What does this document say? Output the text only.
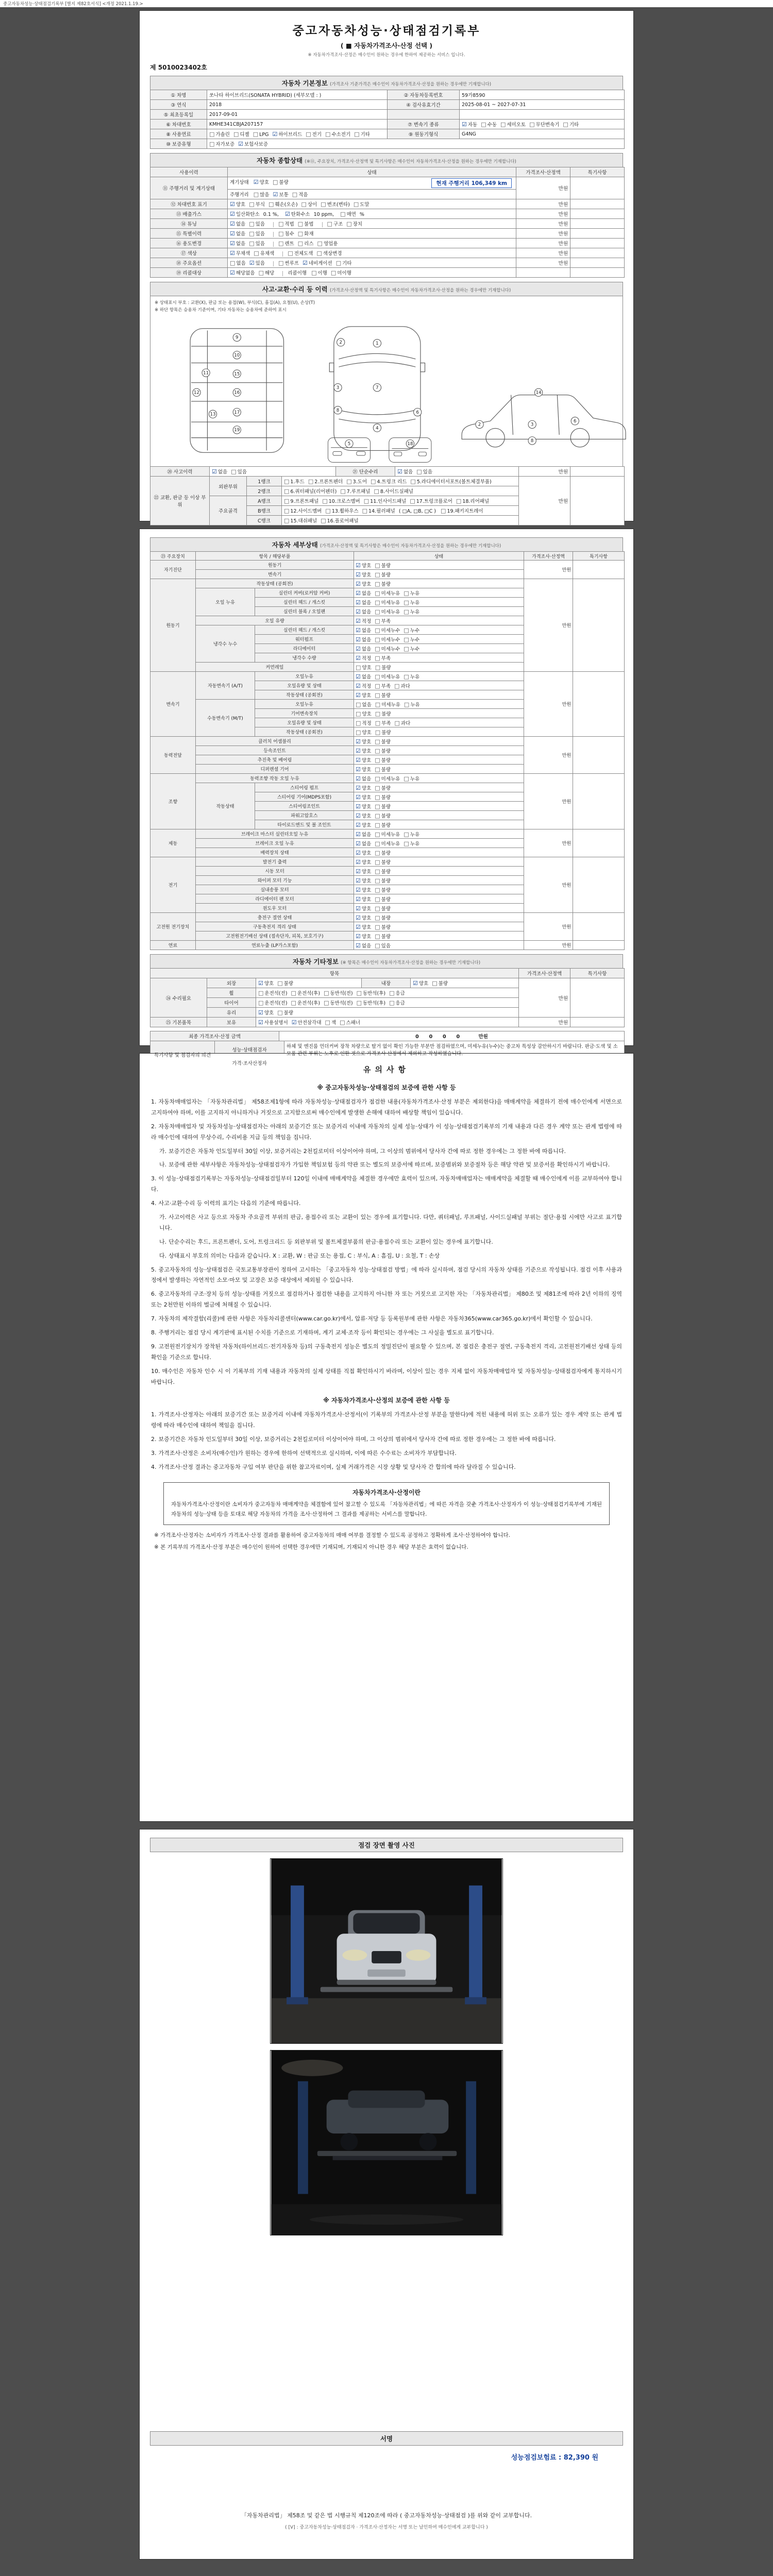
중고자동차성능·상태점검기록부 [별지 제82호서식] <개정 2021.1.19.>
중고자동차성능·상태점검기록부
( ■ 자동차가격조사·산정 선택 )
※ 자동차가격조사·산정은 매수인이 원하는 경우에 한하여 제공하는 서비스 입니다.
제 5010023402호
자동차 기본정보 (가격조사 기준가격은 매수인이 자동차가격조사·산정을 원하는 경우에만 기재합니다)
① 차명	쏘나타 하이브리드(SONATA HYBRID) (세부모델 : )	② 자동차등록번호	59가8590
③ 연식	2018	④ 검사유효기간	2025-08-01 ~ 2027-07-31
⑤ 최초등록일	2017-09-01		
⑥ 차대번호	KMHE341CBJA207157	⑦ 변속기 종류	☑ 자동 □ 수동 □ 세미오토 □ 무단변속기 □ 기타
⑧ 사용연료	□ 가솔린 □ 디젤 □ LPG ☑ 하이브리드 □ 전기 □ 수소전기 □ 기타	⑨ 원동기형식	G4NG
⑩ 보증유형	□ 자가보증 ☑ 보험사보증		
자동차 종합상태 (※⑪, 주요장치, 가격조사·산정액 및 특기사항은 매수인이 자동차가격조사·산정을 원하는 경우에만 기재합니다)
사용이력	상태	가격조사·산정액	특기사항
⑪ 주행거리 및 계기상태	계기상태   ☑ 양호 □ 불량 현재 주행거리 106,349 km	만원	
	주행거리   □ 많음 ☑ 보통 □ 적음		
⑫ 차대번호 표기	☑ 양호 □ 부식 □ 훼손(오손) □ 상이 □ 변조(변타) □ 도말	만원	
⑬ 배출가스	☑ 일산화탄소 0.1 %,    ☑ 탄화수소 10 ppm,    □ 매연 %	만원	
⑭ 튜닝	☑ 없음 □ 있음 □ 적법 □ 불법 □ 구조 □ 장치	만원	
⑮ 특별이력	☑ 없음 □ 있음 □ 침수 □ 화재	만원	
⑯ 용도변경	☑ 없음 □ 있음 □ 렌트 □ 리스 □ 영업용	만원	
⑰ 색상	☑ 무채색 □ 유채색 □ 전체도색 □ 색상변경	만원	
⑱ 주요옵션	□ 없음 ☑ 있음 □ 썬루프 ☑ 네비게이션 □ 기타	만원	
⑲ 리콜대상	☑ 해당없음 □ 해당 리콜이행   □ 이행 □ 미이행		
사고·교환·수리 등 이력 (가격조사·산정액 및 특기사항은 매수인이 자동차가격조사·산정을 원하는 경우에만 기재합니다)
※ 상태표시 부호 : 교환(X), 판금 또는 용접(W), 부식(C), 흠집(A), 요철(U), 손상(T)
※ 하단 항목은 승용차 기준이며, 기타 자동차는 승용차에 준하여 표시
9
10
11
12
13
15
16
17
19
1
7
4
2
3
6
8
5	18
2	3
6
14
8
⑳ 사고이력	☑ 없음 □ 있음	㉑ 단순수리	☑ 없음 □ 있음	만원	
㉒ 교환, 판금 등 이상 부위	외판부위	1랭크	□ 1.후드 □ 2.프론트펜더 □ 3.도어 □ 4.트렁크 리드 □ 5.라디에이터서포트(볼트체결부품)	만원	
		2랭크	□ 6.쿼터패널(리어펜더) □ 7.루프패널 □ 8.사이드실패널		
	주요골격	A랭크	□ 9.프론트패널 □ 10.크로스멤버 □ 11.인사이드패널 □ 17.트렁크플로어 □ 18.리어패널		
		B랭크	□ 12.사이드멤버 □ 13.휠하우스 □ 14.필러패널 ( □A, □B, □C )   □ 19.패키지트레이		
		C랭크	□ 15.대쉬패널 □ 16.플로어패널		
자동차 세부상태 (가격조사·산정액 및 특기사항은 매수인이 자동차가격조사·산정을 원하는 경우에만 기재합니다)
㉓ 주요장치	항목 / 해당부품		상태	가격조사·산정액	특기사항
자기진단	원동기		☑ 양호 □ 불량	만원	
	변속기		☑ 양호 □ 불량		
원동기	작동상태 (공회전)		☑ 양호 □ 불량	만원	
	오일 누유	실린더 커버(로커암 커버)	☑ 없음 □ 미세누유 □ 누유		
		실린더 헤드 / 개스킷	☑ 없음 □ 미세누유 □ 누유		
		실린더 블록 / 오일팬	☑ 없음 □ 미세누유 □ 누유		
	오일 유량		☑ 적정 □ 부족		
	냉각수 누수	실린더 헤드 / 개스킷	☑ 없음 □ 미세누수 □ 누수		
		워터펌프	☑ 없음 □ 미세누수 □ 누수		
		라디에이터	☑ 없음 □ 미세누수 □ 누수		
		냉각수 수량	☑ 적정 □ 부족		
	커먼레일		□ 양호 □ 불량		
변속기	자동변속기 (A/T)	오일누유	☑ 없음 □ 미세누유 □ 누유	만원	
		오일유량 및 상태	☑ 적정 □ 부족 □ 과다		
		작동상태 (공회전)	☑ 양호 □ 불량		
	수동변속기 (M/T)	오일누유	□ 없음 □ 미세누유 □ 누유		
		기어변속장치	□ 양호 □ 불량		
		오일유량 및 상태	□ 적정 □ 부족 □ 과다		
		작동상태 (공회전)	□ 양호 □ 불량		
동력전달	클러치 어셈블리		☑ 양호 □ 불량	만원	
	등속조인트		☑ 양호 □ 불량		
	추진축 및 베어링		☑ 양호 □ 불량		
	디퍼렌셜 기어		☑ 양호 □ 불량		
조향	동력조향 작동 오일 누유		☑ 없음 □ 미세누유 □ 누유	만원	
	작동상태	스티어링 펌프	☑ 양호 □ 불량		
		스티어링 기어(MDPS포함)	☑ 양호 □ 불량		
		스티어링조인트	☑ 양호 □ 불량		
		파워고압호스	☑ 양호 □ 불량		
		타이로드엔드 및 볼 조인트	☑ 양호 □ 불량		
제동	브레이크 마스터 실린더오일 누유		☑ 없음 □ 미세누유 □ 누유	만원	
	브레이크 오일 누유		☑ 없음 □ 미세누유 □ 누유		
	배력장치 상태		☑ 양호 □ 불량		
전기	발전기 출력		☑ 양호 □ 불량	만원	
	시동 모터		☑ 양호 □ 불량		
	와이퍼 모터 기능		☑ 양호 □ 불량		
	실내송풍 모터		☑ 양호 □ 불량		
	라디에이터 팬 모터		☑ 양호 □ 불량		
	윈도우 모터		☑ 양호 □ 불량		
고전원 전기장치	충전구 절연 상태		☑ 양호 □ 불량	만원	
	구동축전지 격리 상태		☑ 양호 □ 불량		
	고전원전기배선 상태 (접속단자, 피복, 보호기구)		☑ 양호 □ 불량		
연료	연료누출 (LP가스포함)		☑ 없음 □ 있음	만원	
자동차 기타정보 (※ 항목은 매수인이 자동차가격조사·산정을 원하는 경우에만 기재합니다)
항목					가격조사·산정액	특기사항
㉔ 수리필요	외장	☑ 양호 □ 불량	내장	☑ 양호 □ 불량	만원	
	휠	□ 운전석(전) □ 운전석(후) □ 동반석(전) □ 동반석(후) □ 응급				
	타이어	□ 운전석(전) □ 운전석(후) □ 동반석(전) □ 동반석(후) □ 응급				
	유리	☑ 양호 □ 불량				
㉕ 기본품목	보유	☑ 사용설명서 ☑ 안전삼각대 □ 잭 □ 스패너			만원	
최종 가격조사·산정 금액	0      0      0      0           만원
특기사항 및 점검자의 의견	성능·상태점검자	하체 및 엔진룸 언더커버 장착 차량으로 탈거 없이 확인 가능한 부분만 점검하였으며, 미세누유(누수)는 중고차 특성상 감안하시기 바랍니다. 판금·도색 및 소모품 관련 부위는 노후로 인한 것으로 가격조사·산정에서 제외하고 작성하였습니다.
	가격·조사산정자	
유의사항
※ 중고자동차성능·상태점검의 보증에 관한 사항 등
1. 자동차매매업자는 「자동차관리법」 제58조제1항에 따라 자동차성능·상태점검자가 점검한 내용(자동차가격조사·산정 부분은 제외한다)을 매매계약을 체결하기 전에 매수인에게 서면으로 고지하여야 하며, 이를 고지하지 아니하거나 거짓으로 고지함으로써 매수인에게 발생한 손해에 대하여 배상할 책임이 있습니다.
2. 자동차매매업자 및 자동차성능·상태점검자는 아래의 보증기간 또는 보증거리 이내에 자동차의 실제 성능·상태가 이 성능·상태점검기록부의 기재 내용과 다른 경우 계약 또는 관계 법령에 따라 매수인에 대하여 무상수리, 수리비용 지급 등의 책임을 집니다.
가. 보증기간은 자동차 인도일부터 30일 이상, 보증거리는 2천킬로미터 이상이어야 하며, 그 이상의 범위에서 당사자 간에 따로 정한 경우에는 그 정한 바에 따릅니다.
나. 보증에 관한 세부사항은 자동차성능·상태점검자가 가입한 책임보험 등의 약관 또는 별도의 보증서에 따르며, 보증범위와 보증절차 등은 해당 약관 및 보증서를 확인하시기 바랍니다.
3. 이 성능·상태점검기록부는 자동차성능·상태점검일부터 120일 이내에 매매계약을 체결한 경우에만 효력이 있으며, 자동차매매업자는 매매계약을 체결할 때 매수인에게 이를 교부하여야 합니다.
4. 사고·교환·수리 등 이력의 표기는 다음의 기준에 따릅니다.
가. 사고이력은 사고 등으로 자동차 주요골격 부위의 판금, 용접수리 또는 교환이 있는 경우에 표기합니다. 다만, 쿼터패널, 루프패널, 사이드실패널 부위는 절단·용접 시에만 사고로 표기합니다.
나. 단순수리는 후드, 프론트펜더, 도어, 트렁크리드 등 외판부위 및 볼트체결부품의 판금·용접수리 또는 교환이 있는 경우에 표기합니다.
다. 상태표시 부호의 의미는 다음과 같습니다. X : 교환, W : 판금 또는 용접, C : 부식, A : 흠집, U : 요철, T : 손상
5. 중고자동차의 성능·상태점검은 국토교통부장관이 정하여 고시하는 「중고자동차 성능·상태점검 방법」에 따라 실시하며, 점검 당시의 자동차 상태를 기준으로 작성됩니다. 점검 이후 사용과정에서 발생하는 자연적인 소모·마모 및 고장은 보증 대상에서 제외될 수 있습니다.
6. 중고자동차의 구조·장치 등의 성능·상태를 거짓으로 점검하거나 점검한 내용을 고지하지 아니한 자 또는 거짓으로 고지한 자는 「자동차관리법」 제80조 및 제81조에 따라 2년 이하의 징역 또는 2천만원 이하의 벌금에 처해질 수 있습니다.
7. 자동차의 제작결함(리콜)에 관한 사항은 자동차리콜센터(www.car.go.kr)에서, 압류·저당 등 등록원부에 관한 사항은 자동차365(www.car365.go.kr)에서 확인할 수 있습니다.
8. 주행거리는 점검 당시 계기판에 표시된 수치를 기준으로 기재하며, 계기 교체·조작 등이 확인되는 경우에는 그 사실을 별도로 표기합니다.
9. 고전원전기장치가 장착된 자동차(하이브리드·전기자동차 등)의 구동축전지 성능은 별도의 정밀진단이 필요할 수 있으며, 본 점검은 충전구 절연, 구동축전지 격리, 고전원전기배선 상태 등의 확인을 기준으로 합니다.
10. 매수인은 자동차 인수 시 이 기록부의 기재 내용과 자동차의 실제 상태를 직접 확인하시기 바라며, 이상이 있는 경우 지체 없이 자동차매매업자 및 자동차성능·상태점검자에게 통지하시기 바랍니다.
※ 자동차가격조사·산정의 보증에 관한 사항 등
1. 가격조사·산정자는 아래의 보증기간 또는 보증거리 이내에 자동차가격조사·산정서(이 기록부의 가격조사·산정 부분을 말한다)에 적힌 내용에 허위 또는 오류가 있는 경우 계약 또는 관계 법령에 따라 매수인에 대하여 책임을 집니다.
2. 보증기간은 자동차 인도일부터 30일 이상, 보증거리는 2천킬로미터 이상이어야 하며, 그 이상의 범위에서 당사자 간에 따로 정한 경우에는 그 정한 바에 따릅니다.
3. 가격조사·산정은 소비자(매수인)가 원하는 경우에 한하여 선택적으로 실시하며, 이에 따른 수수료는 소비자가 부담합니다.
4. 가격조사·산정 결과는 중고자동차 구입 여부 판단을 위한 참고자료이며, 실제 거래가격은 시장 상황 및 당사자 간 합의에 따라 달라질 수 있습니다.
자동차가격조사·산정이란
자동차가격조사·산정이란 소비자가 중고자동차 매매계약을 체결함에 있어 참고할 수 있도록 「자동차관리법」에 따른 자격을 갖춘 가격조사·산정자가 이 성능·상태점검기록부에 기재된 자동차의 성능·상태 등을 토대로 해당 자동차의 가격을 조사·산정하여 그 결과를 제공하는 서비스를 말합니다.
※ 가격조사·산정자는 소비자가 가격조사·산정 결과를 활용하여 중고자동차의 매매 여부를 결정할 수 있도록 공정하고 정확하게 조사·산정하여야 합니다.
※ 본 기록부의 가격조사·산정 부분은 매수인이 원하여 선택한 경우에만 기재되며, 기재되지 아니한 경우 해당 부분은 효력이 없습니다.
점검 장면 촬영 사진
서명
성능점검보험료 : 82,390 원
「자동차관리법」 제58조 및 같은 법 시행규칙 제120조에 따라 ( 중고자동차성능·상태점검 )를 위와 같이 교부합니다.
( [V] : 중고자동차성능·상태점검자 · 가격조사·산정자는 서명 또는 날인하여 매수인에게 교부합니다 )
